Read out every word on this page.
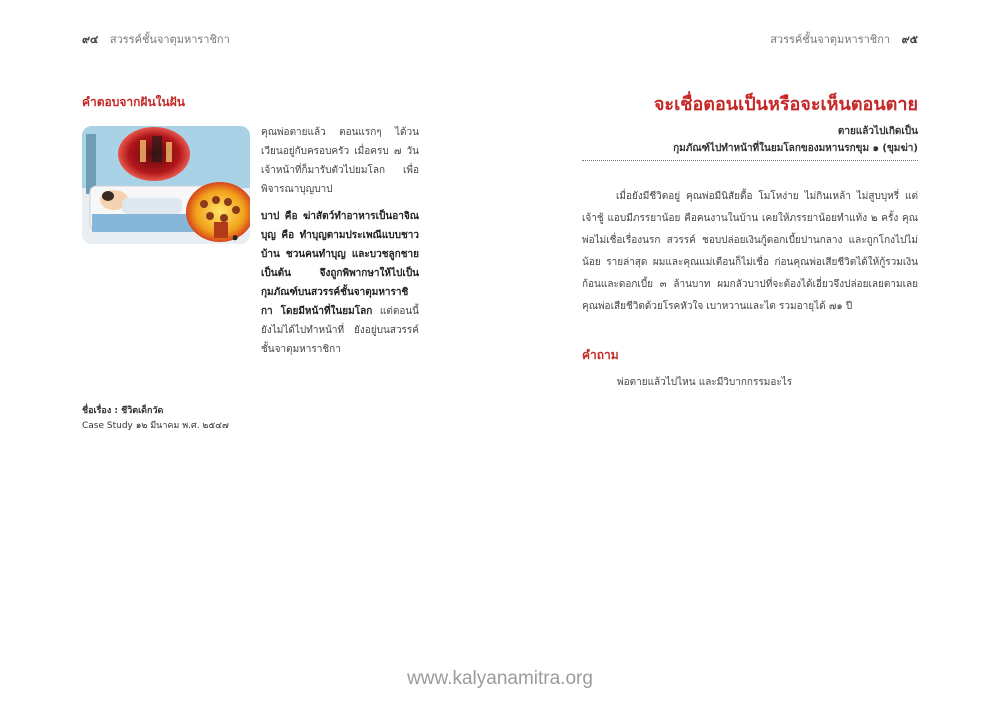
๙๔ สวรรค์ชั้นจาตุมหาราชิกา	สวรรค์ชั้นจาตุมหาราชิกา ๙๕
คำตอบจากฝันในฝัน
๑

คุณพ่อตายแล้ว ตอนแรกๆ ได้วนเวียนอยู่กับครอบครัว เมื่อครบ ๗ วัน เจ้าหน้าที่ก็มารับตัวไปยมโลก เพื่อพิจารณาบุญบาป

บาป คือ ฆ่าสัตว์ทำอาหารเป็นอาจิณ บุญ คือ ทำบุญตามประเพณีแบบชาวบ้าน ชวนคนทำบุญ และบวชลูกชาย เป็นต้น จึงถูกพิพากษาให้ไปเป็นกุมภัณฑ์บนสวรรค์ชั้นจาตุมหาราชิกา โดยมีหน้าที่ในยมโลก แต่ตอนนี้ยังไม่ได้ไปทำหน้าที่ ยังอยู่บนสวรรค์ชั้นจาตุมหาราชิกา

ชื่อเรื่อง : ชีวิตเด็กวัด
Case Study ๑๒ มีนาคม พ.ศ. ๒๕๔๗
จะเชื่อตอนเป็นหรือจะเห็นตอนตาย
ตายแล้วไปเกิดเป็น
กุมภัณฑ์ไปทำหน้าที่ในยมโลกของมหานรกขุม ๑ (ขุมฆ่า)
เมื่อยังมีชีวิตอยู่ คุณพ่อมีนิสัยดื้อ โมโหง่าย ไม่กินเหล้า ไม่สูบบุหรี่ แต่เจ้าชู้ แอบมีภรรยาน้อย คือคนงานในบ้าน เคยให้ภรรยาน้อยทำแท้ง ๒ ครั้ง คุณพ่อไม่เชื่อเรื่องนรก สวรรค์ ชอบปล่อยเงินกู้ดอกเบี้ยปานกลาง และถูกโกงไปไม่น้อย รายล่าสุด ผมและคุณแม่เตือนก็ไม่เชื่อ ก่อนคุณพ่อเสียชีวิตได้ให้กู้รวมเงินก้อนและดอกเบี้ย ๓ ล้านบาท ผมกลัวบาปที่จะต้องได้เอี่ยวจึงปล่อยเลยตามเลย คุณพ่อเสียชีวิตด้วยโรคหัวใจ เบาหวานและไต รวมอายุได้ ๗๑ ปี
คำถาม
พ่อตายแล้วไปไหน และมีวิบากกรรมอะไร
www.kalyanamitra.org
